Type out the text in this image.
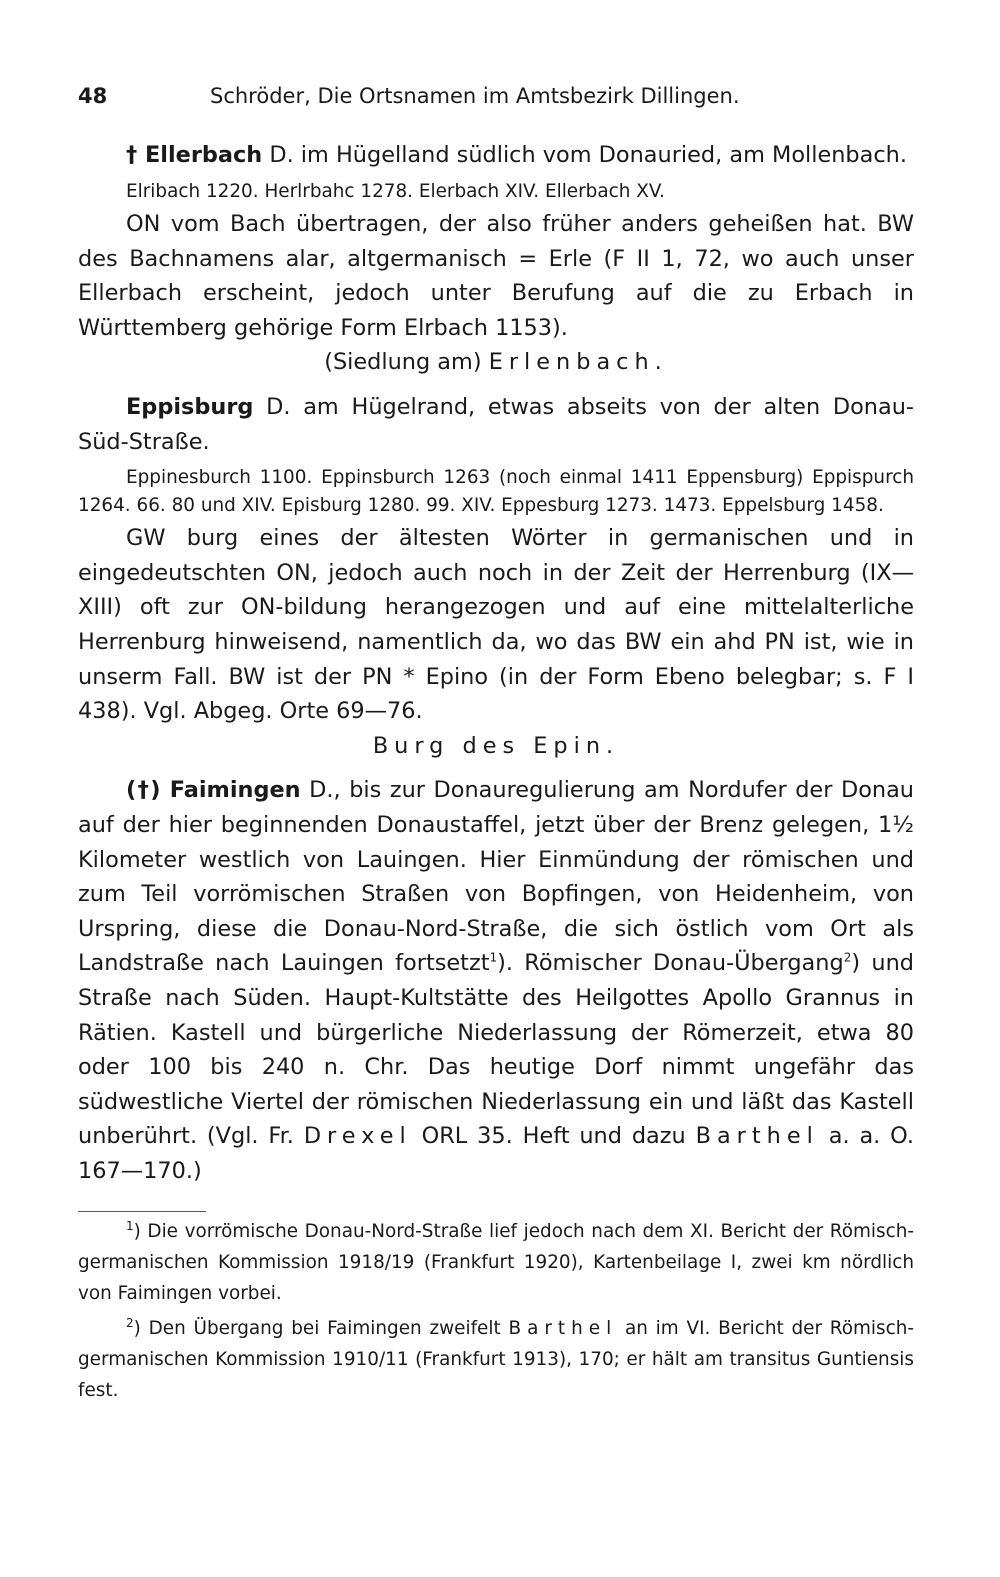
48	Schröder, Die Ortsnamen im Amtsbezirk Dillingen.

† Ellerbach D. im Hügelland südlich vom Donauried, am Mollenbach.

Elribach 1220. Herlrbahc 1278. Elerbach XIV. Ellerbach XV.

ON vom Bach übertragen, der also früher anders geheißen hat. BW des Bachnamens alar, altgermanisch = Erle (F II 1, 72, wo auch unser Ellerbach erscheint, jedoch unter Berufung auf die zu Erbach in Württemberg gehörige Form Elrbach 1153).

(Siedlung am) Erlenbach.

Eppisburg D. am Hügelrand, etwas abseits von der alten Donau-Süd-Straße.

Eppinesburch 1100. Eppinsburch 1263 (noch einmal 1411 Eppensburg) Eppispurch 1264. 66. 80 und XIV. Episburg 1280. 99. XIV. Eppesburg 1273. 1473. Eppelsburg 1458.

GW burg eines der ältesten Wörter in germanischen und in eingedeutschten ON, jedoch auch noch in der Zeit der Herrenburg (IX—XIII) oft zur ON-bildung herangezogen und auf eine mittelalterliche Herrenburg hinweisend, namentlich da, wo das BW ein ahd PN ist, wie in unserm Fall. BW ist der PN * Epino (in der Form Ebeno belegbar; s. F I 438). Vgl. Abgeg. Orte 69—76.

Burg des Epin.

(†) Faimingen D., bis zur Donauregulierung am Nordufer der Donau auf der hier beginnenden Donaustaffel, jetzt über der Brenz gelegen, 1½ Kilometer westlich von Lauingen. Hier Einmündung der römischen und zum Teil vorrömischen Straßen von Bopfingen, von Heidenheim, von Urspring, diese die Donau-Nord-Straße, die sich östlich vom Ort als Landstraße nach Lauingen fortsetzt$^1$). Römischer Donau-Übergang$^2$) und Straße nach Süden. Haupt-Kultstätte des Heilgottes Apollo Grannus in Rätien. Kastell und bürgerliche Niederlassung der Römerzeit, etwa 80 oder 100 bis 240 n. Chr. Das heutige Dorf nimmt ungefähr das südwestliche Viertel der römischen Niederlassung ein und läßt das Kastell unberührt. (Vgl. Fr. Drexel ORL 35. Heft und dazu Barthel a. a. O. 167—170.)

$^1$) Die vorrömische Donau-Nord-Straße lief jedoch nach dem XI. Bericht der Römisch-germanischen Kommission 1918/19 (Frankfurt 1920), Kartenbeilage I, zwei km nördlich von Faimingen vorbei.

$^2$) Den Übergang bei Faimingen zweifelt Barthel an im VI. Bericht der Römisch-germanischen Kommission 1910/11 (Frankfurt 1913), 170; er hält am transitus Guntiensis fest.
